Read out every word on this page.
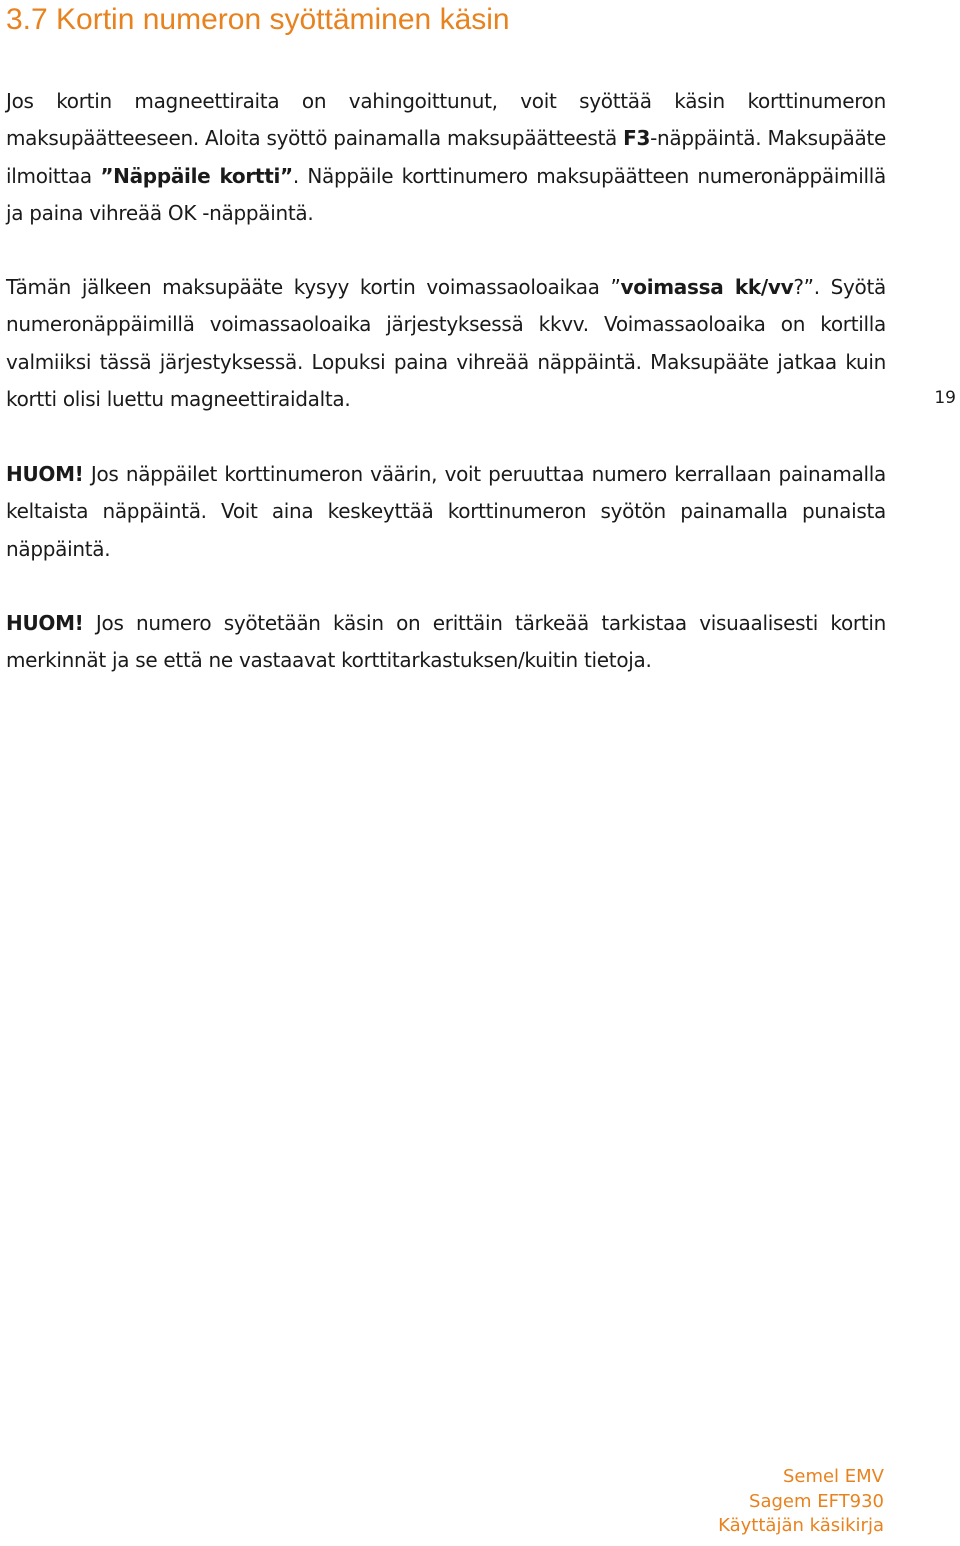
3.7 Kortin numeron syöttäminen käsin

Jos kortin magneettiraita on vahingoittunut, voit syöttää käsin korttinumeron maksupäätteeseen. Aloita syöttö painamalla maksupäätteestä F3-näppäintä. Maksupääte ilmoittaa ”Näppäile kortti”. Näppäile korttinumero maksupäätteen numeronäppäimillä ja paina vihreää OK -näppäintä.

Tämän jälkeen maksupääte kysyy kortin voimassaoloaikaa ”voimassa kk/vv?”. Syötä numeronäppäimillä voimassaoloaika järjestyksessä kkvv. Voimassaoloaika on kortilla valmiiksi tässä järjestyksessä. Lopuksi paina vihreää näppäintä. Maksupääte jatkaa kuin kortti olisi luettu magneettiraidalta.	19

HUOM! Jos näppäilet korttinumeron väärin, voit peruuttaa numero kerrallaan painamalla keltaista näppäintä. Voit aina keskeyttää korttinumeron syötön painamalla punaista näppäintä.

HUOM! Jos numero syötetään käsin on erittäin tärkeää tarkistaa visuaalisesti kortin merkinnät ja se että ne vastaavat korttitarkastuksen/kuitin tietoja.

Semel EMV
Sagem EFT930
Käyttäjän käsikirja
